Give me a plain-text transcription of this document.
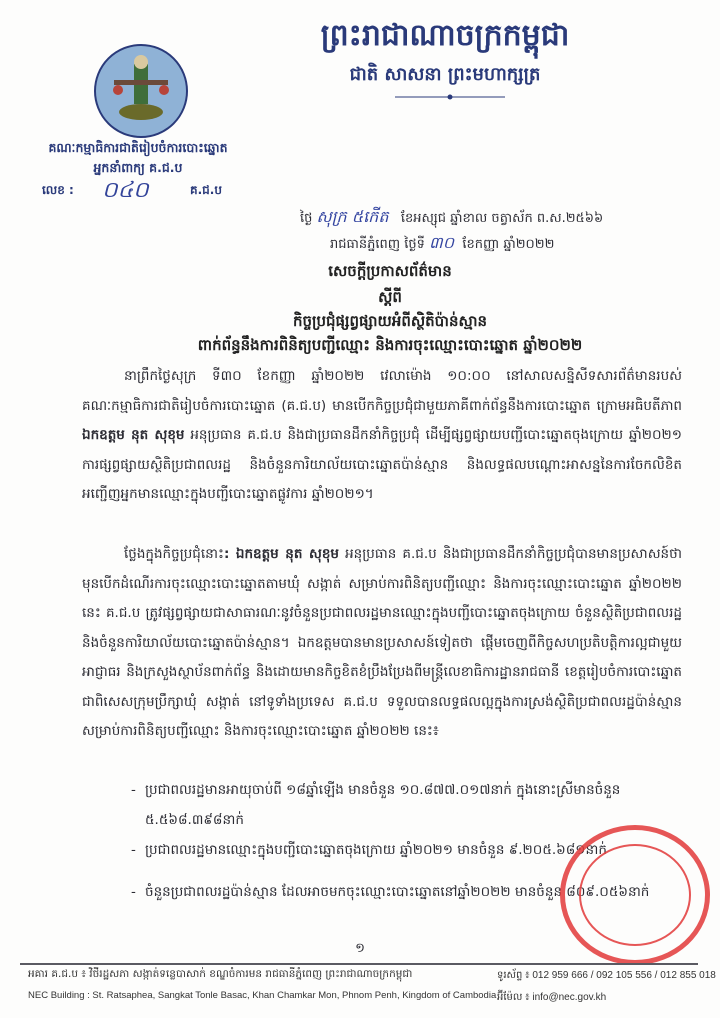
ព្រះរាជាណាចក្រកម្ពុជា
ជាតិ សាសនា ព្រះមហាក្សត្រ
គណៈកម្មាធិការជាតិរៀបចំការបោះឆ្នោត
អ្នកនាំពាក្យ គ.ជ.ប
លេខ : ០៤០	គ.ជ.ប
ថ្ងៃ សុក្រ ៥កើត ខែអស្សុជ ឆ្នាំខាល ចត្វាស័ក ព.ស.២៥៦៦
រាជធានីភ្នំពេញ ថ្ងៃទី ៣០ ខែកញ្ញា ឆ្នាំ២០២២
សេចក្តីប្រកាសព័ត៌មាន
ស្តីពី
កិច្ចប្រជុំផ្សព្វផ្សាយអំពីស្ថិតិប៉ាន់ស្មាន
ពាក់ព័ន្ធនឹងការពិនិត្យបញ្ជីឈ្មោះ និងការចុះឈ្មោះបោះឆ្នោត ឆ្នាំ២០២២
នាព្រឹកថ្ងៃសុក្រ ទី៣០ ខែកញ្ញា ឆ្នាំ២០២២ វេលាម៉ោង ១០:០០ នៅសាលសន្និសីទសារព័ត៌មានរបស់គណៈកម្មាធិការជាតិរៀបចំការបោះឆ្នោត (គ.ជ.ប) មានបើកកិច្ចប្រជុំជាមួយភាគីពាក់ព័ន្ធនឹងការបោះឆ្នោត ក្រោមអធិបតីភាព ឯកឧត្តម នុត សុខុម អនុប្រធាន គ.ជ.ប និងជាប្រធានដឹកនាំកិច្ចប្រជុំ ដើម្បីផ្សព្វផ្សាយបញ្ជីបោះឆ្នោតចុងក្រោយ ឆ្នាំ២០២១ ការផ្សព្វផ្សាយស្ថិតិប្រជាពលរដ្ឋ និងចំនួនការិយាល័យបោះឆ្នោតប៉ាន់ស្មាន និងលទ្ធផលបណ្តោះអាសន្ននៃការចែកលិខិតអញ្ជើញអ្នកមានឈ្មោះក្នុងបញ្ជីបោះឆ្នោតផ្លូវការ ឆ្នាំ២០២១។
ថ្លែងក្នុងកិច្ចប្រជុំនោះ: ឯកឧត្តម នុត សុខុម អនុប្រធាន គ.ជ.ប និងជាប្រធានដឹកនាំកិច្ចប្រជុំបានមានប្រសាសន៍ថា មុនបើកដំណើរការចុះឈ្មោះបោះឆ្នោតតាមឃុំ សង្កាត់ សម្រាប់ការពិនិត្យបញ្ជីឈ្មោះ និងការចុះឈ្មោះបោះឆ្នោត ឆ្នាំ២០២២ នេះ គ.ជ.ប ត្រូវផ្សព្វផ្សាយជាសាធារណៈនូវចំនួនប្រជាពលរដ្ឋមានឈ្មោះក្នុងបញ្ជីបោះឆ្នោតចុងក្រោយ ចំនួនស្ថិតិប្រជាពលរដ្ឋ និងចំនួនការិយាល័យបោះឆ្នោតប៉ាន់ស្មាន។ ឯកឧត្តមបានមានប្រសាសន៍ទៀតថា ផ្តើមចេញពីកិច្ចសហប្រតិបត្តិការល្អជាមួយអាជ្ញាធរ និងក្រសួងស្ថាប័នពាក់ព័ន្ធ និងដោយមានកិច្ចខិតខំប្រឹងប្រែងពីមន្ត្រីលេខាធិការដ្ឋានរាជធានី ខេត្តរៀបចំការបោះឆ្នោត ជាពិសេសក្រុមប្រឹក្សាឃុំ សង្កាត់ នៅទូទាំងប្រទេស គ.ជ.ប ទទួលបានលទ្ធផលល្អក្នុងការស្រង់ស្ថិតិប្រជាពលរដ្ឋប៉ាន់ស្មាន សម្រាប់ការពិនិត្យបញ្ជីឈ្មោះ និងការចុះឈ្មោះបោះឆ្នោត ឆ្នាំ២០២២ នេះ៖
- ប្រជាពលរដ្ឋមានអាយុចាប់ពី ១៨ឆ្នាំឡើង មានចំនួន ១០.៨៧៧.០១៧នាក់ ក្នុងនោះស្រីមានចំនួន ៥.៥៦៨.៣៩៨នាក់
- ប្រជាពលរដ្ឋមានឈ្មោះក្នុងបញ្ជីបោះឆ្នោតចុងក្រោយ ឆ្នាំ២០២១ មានចំនួន ៩.២០៥.៦៨១នាក់
- ចំនួនប្រជាពលរដ្ឋប៉ាន់ស្មាន ដែលអាចមកចុះឈ្មោះបោះឆ្នោតនៅឆ្នាំ២០២២ មានចំនួន ៨០៩.០៥៦នាក់
១
អគារ គ.ជ.ប ៖ វិថីរដ្ឋសភា សង្កាត់ទន្លេបាសាក់ ខណ្ឌចំការមន រាជធានីភ្នំពេញ ព្រះរាជាណាចក្រកម្ពុជា
NEC Building : St. Ratsaphea, Sangkat Tonle Basac, Khan Chamkar Mon, Phnom Penh, Kingdom of Cambodia
ទូរស័ព្ទ ៖ 012 959 666 / 092 105 556 / 012 855 018
អ៊ីម៉ែល ៖ info@nec.gov.kh
